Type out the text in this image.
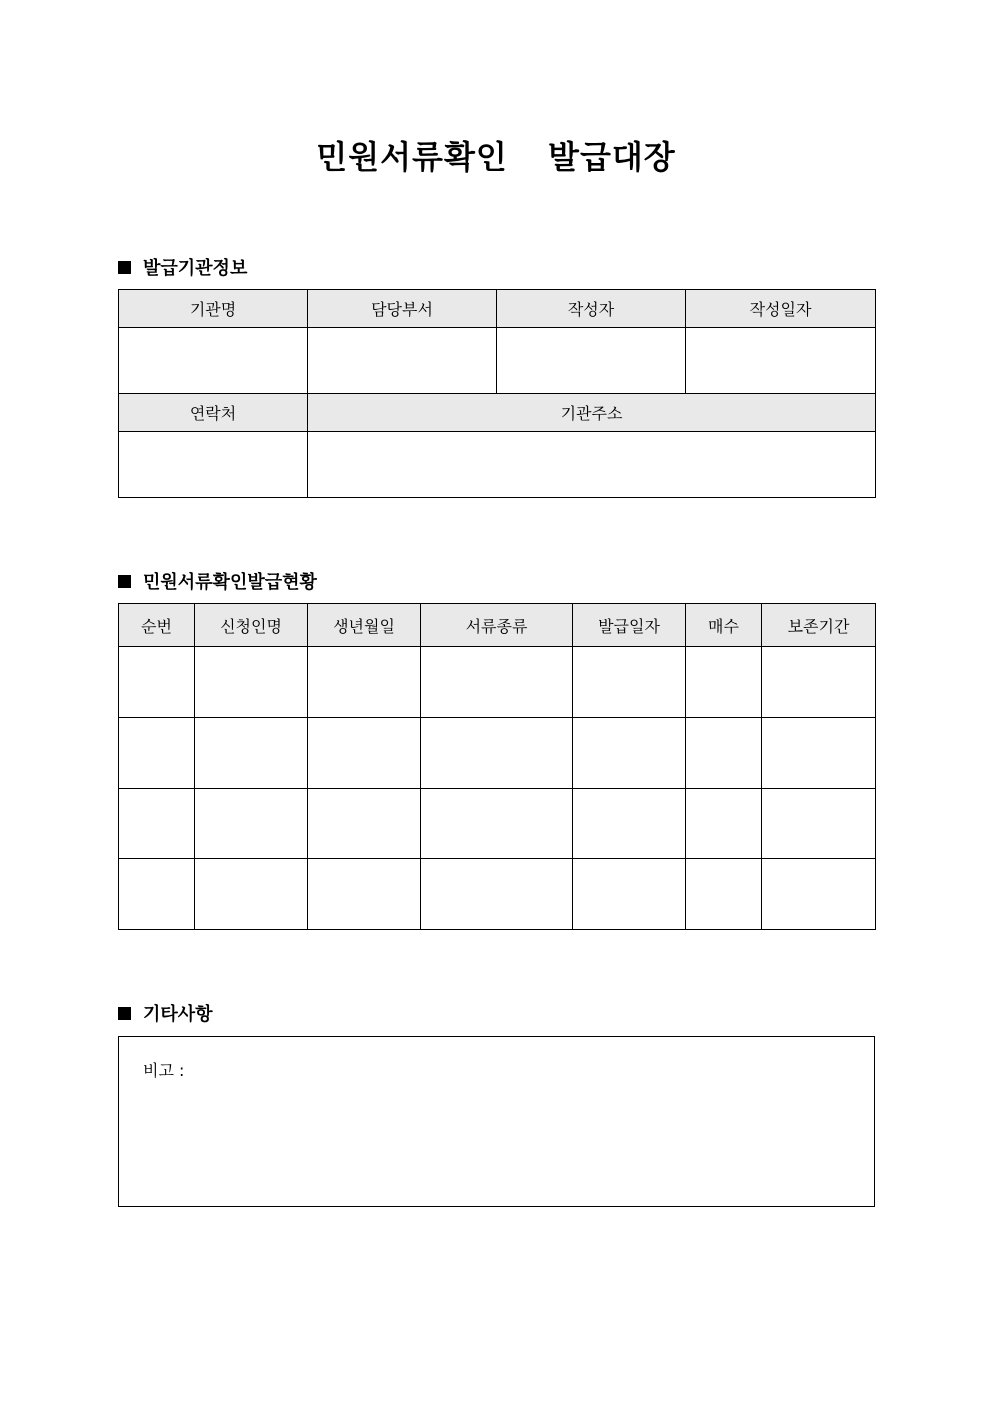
민원서류확인  발급대장
발급기관정보
기관명	담당부서	작성자	작성일자

연락처	기관주소		

민원서류확인발급현황
순번	신청인명	생년월일	서류종류	발급일자	매수	보존기간

기타사항
비고 :
